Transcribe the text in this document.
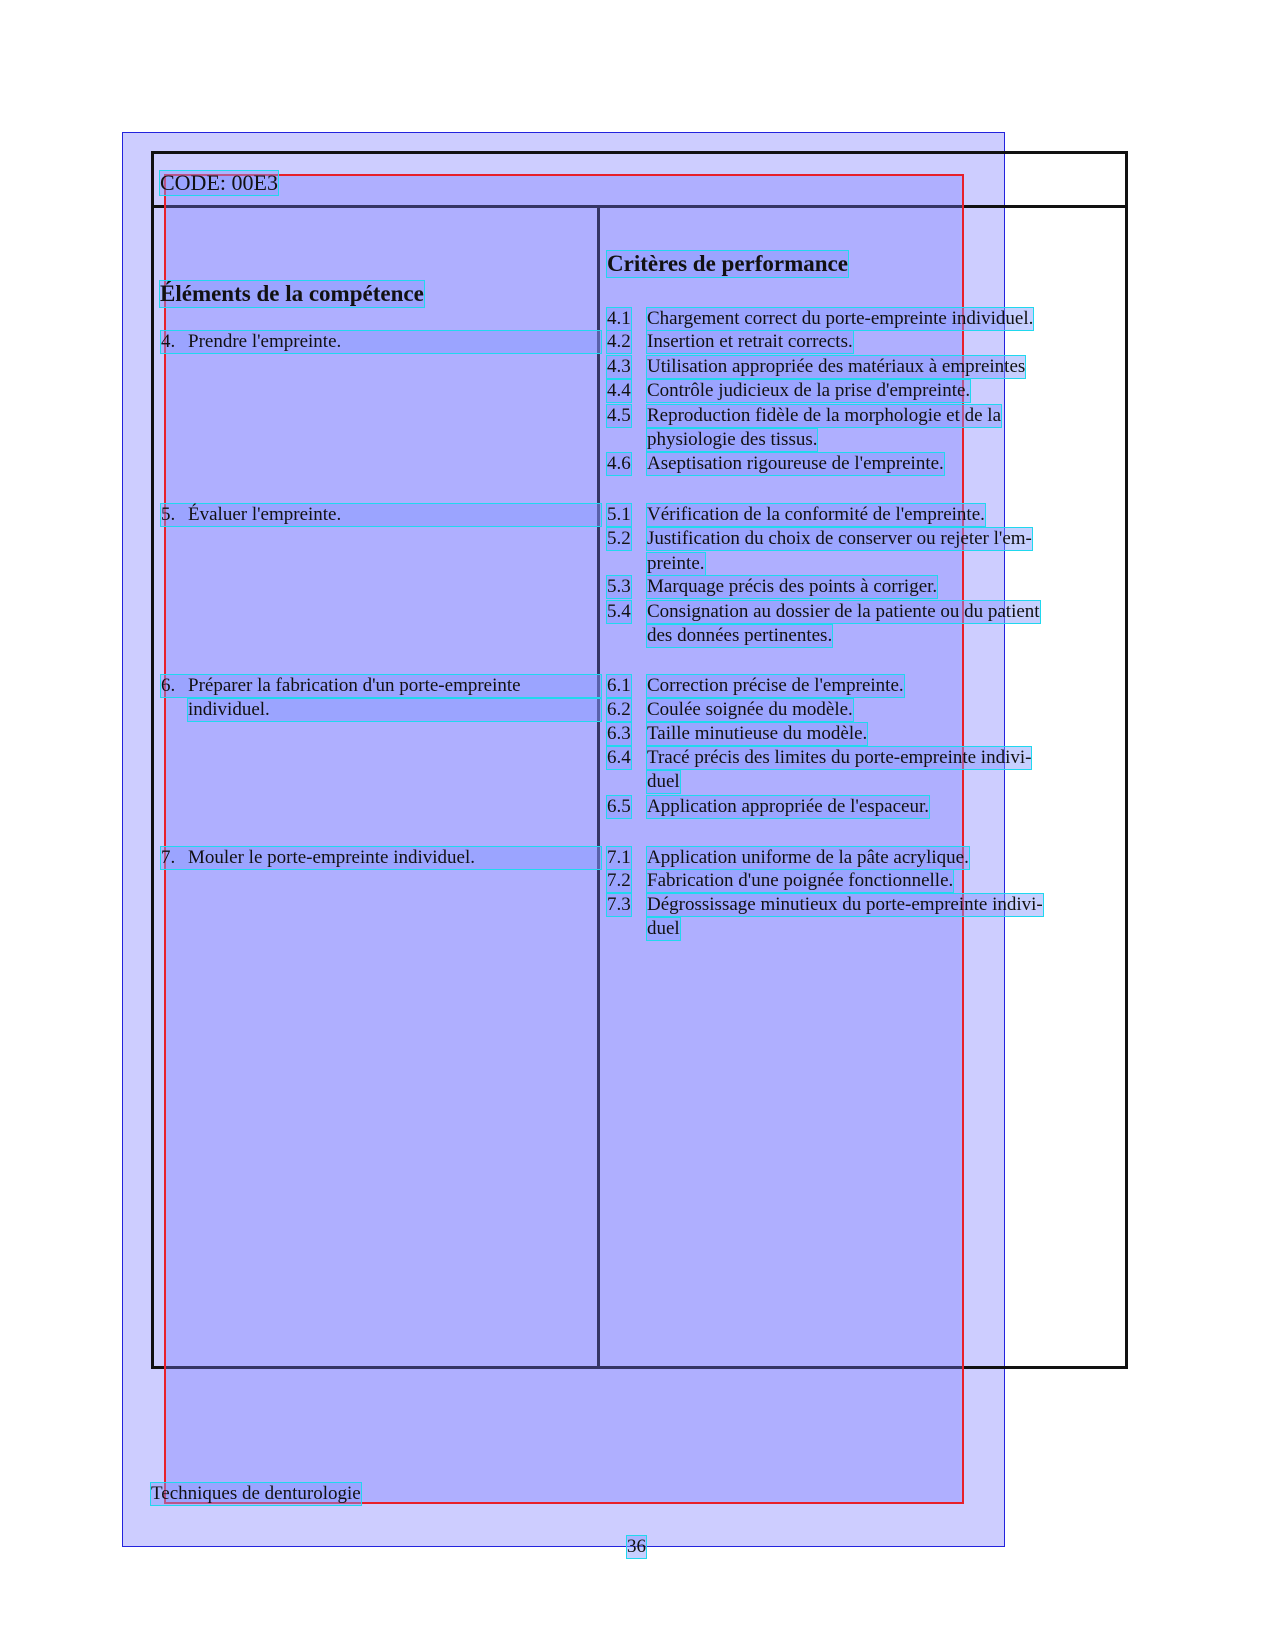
CODE: 00E3
Éléments de la compétence
Critères de performance
4. Prendre l'empreinte.
5. Évaluer l'empreinte.
6. Préparer la fabrication d'un porte-empreinte
individuel.
7. Mouler le porte-empreinte individuel.
4.1 Chargement correct du porte-empreinte individuel.
4.2 Insertion et retrait corrects.
4.3 Utilisation appropriée des matériaux à empreintes
4.4 Contrôle judicieux de la prise d'empreinte.
4.5 Reproduction fidèle de la morphologie et de la
physiologie des tissus.
4.6 Aseptisation rigoureuse de l'empreinte.
5.1 Vérification de la conformité de l'empreinte.
5.2 Justification du choix de conserver ou rejeter l'em-
preinte.
5.3 Marquage précis des points à corriger.
5.4 Consignation au dossier de la patiente ou du patient
des données pertinentes.
6.1 Correction précise de l'empreinte.
6.2 Coulée soignée du modèle.
6.3 Taille minutieuse du modèle.
6.4 Tracé précis des limites du porte-empreinte indivi-
duel
6.5 Application appropriée de l'espaceur.
7.1 Application uniforme de la pâte acrylique.
7.2 Fabrication d'une poignée fonctionnelle.
7.3 Dégrossissage minutieux du porte-empreinte indivi-
duel
Techniques de denturologie
36
